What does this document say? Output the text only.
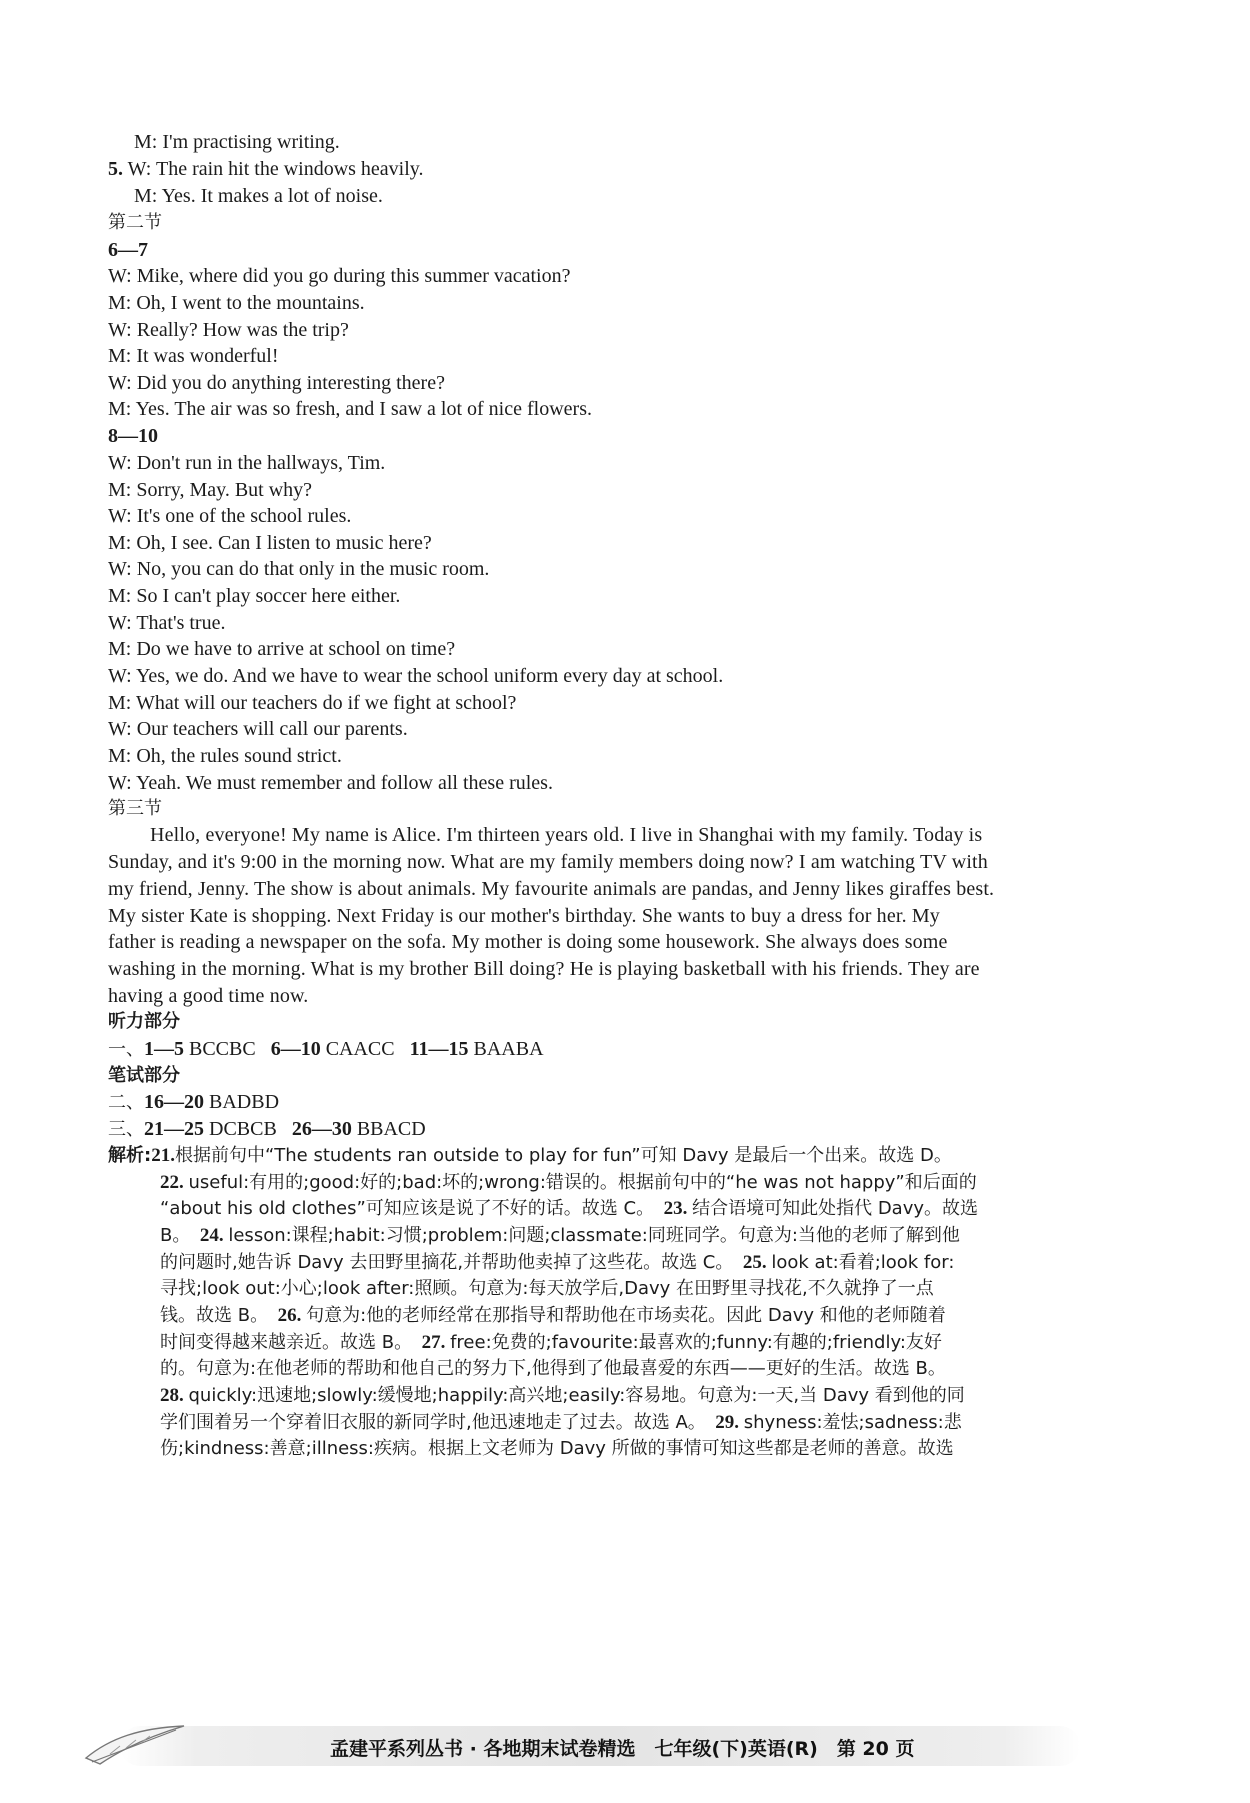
M: I'm practising writing.
5. W: The rain hit the windows heavily.
M: Yes. It makes a lot of noise.
第二节
6—7
W: Mike, where did you go during this summer vacation?
M: Oh, I went to the mountains.
W: Really? How was the trip?
M: It was wonderful!
W: Did you do anything interesting there?
M: Yes. The air was so fresh, and I saw a lot of nice flowers.
8—10
W: Don't run in the hallways, Tim.
M: Sorry, May. But why?
W: It's one of the school rules.
M: Oh, I see. Can I listen to music here?
W: No, you can do that only in the music room.
M: So I can't play soccer here either.
W: That's true.
M: Do we have to arrive at school on time?
W: Yes, we do. And we have to wear the school uniform every day at school.
M: What will our teachers do if we fight at school?
W: Our teachers will call our parents.
M: Oh, the rules sound strict.
W: Yeah. We must remember and follow all these rules.
第三节
Hello, everyone! My name is Alice. I'm thirteen years old. I live in Shanghai with my family. Today is
Sunday, and it's 9:00 in the morning now. What are my family members doing now? I am watching TV with
my friend, Jenny. The show is about animals. My favourite animals are pandas, and Jenny likes giraffes best.
My sister Kate is shopping. Next Friday is our mother's birthday. She wants to buy a dress for her. My
father is reading a newspaper on the sofa. My mother is doing some housework. She always does some
washing in the morning. What is my brother Bill doing? He is playing basketball with his friends. They are
having a good time now.
听力部分
一、1—5 BCCBC 6—10 CAACC 11—15 BAABA
笔试部分
二、16—20 BADBD
三、21—25 DCBCB 26—30 BBACD
解析:21.根据前句中“The students ran outside to play for fun”可知 Davy 是最后一个出来。故选 D。
22. useful:有用的;good:好的;bad:坏的;wrong:错误的。根据前句中的“he was not happy”和后面的
“about his old clothes”可知应该是说了不好的话。故选 C。 23. 结合语境可知此处指代 Davy。故选
B。 24. lesson:课程;habit:习惯;problem:问题;classmate:同班同学。句意为:当他的老师了解到他
的问题时,她告诉 Davy 去田野里摘花,并帮助他卖掉了这些花。故选 C。 25. look at:看着;look for:
寻找;look out:小心;look after:照顾。句意为:每天放学后,Davy 在田野里寻找花,不久就挣了一点
钱。故选 B。 26. 句意为:他的老师经常在那指导和帮助他在市场卖花。因此 Davy 和他的老师随着
时间变得越来越亲近。故选 B。 27. free:免费的;favourite:最喜欢的;funny:有趣的;friendly:友好
的。句意为:在他老师的帮助和他自己的努力下,他得到了他最喜爱的东西——更好的生活。故选 B。
28. quickly:迅速地;slowly:缓慢地;happily:高兴地;easily:容易地。句意为:一天,当 Davy 看到他的同
学们围着另一个穿着旧衣服的新同学时,他迅速地走了过去。故选 A。 29. shyness:羞怯;sadness:悲
伤;kindness:善意;illness:疾病。根据上文老师为 Davy 所做的事情可知这些都是老师的善意。故选
孟建平系列丛书 · 各地期末试卷精选　七年级(下)英语(R)　第 20 页
